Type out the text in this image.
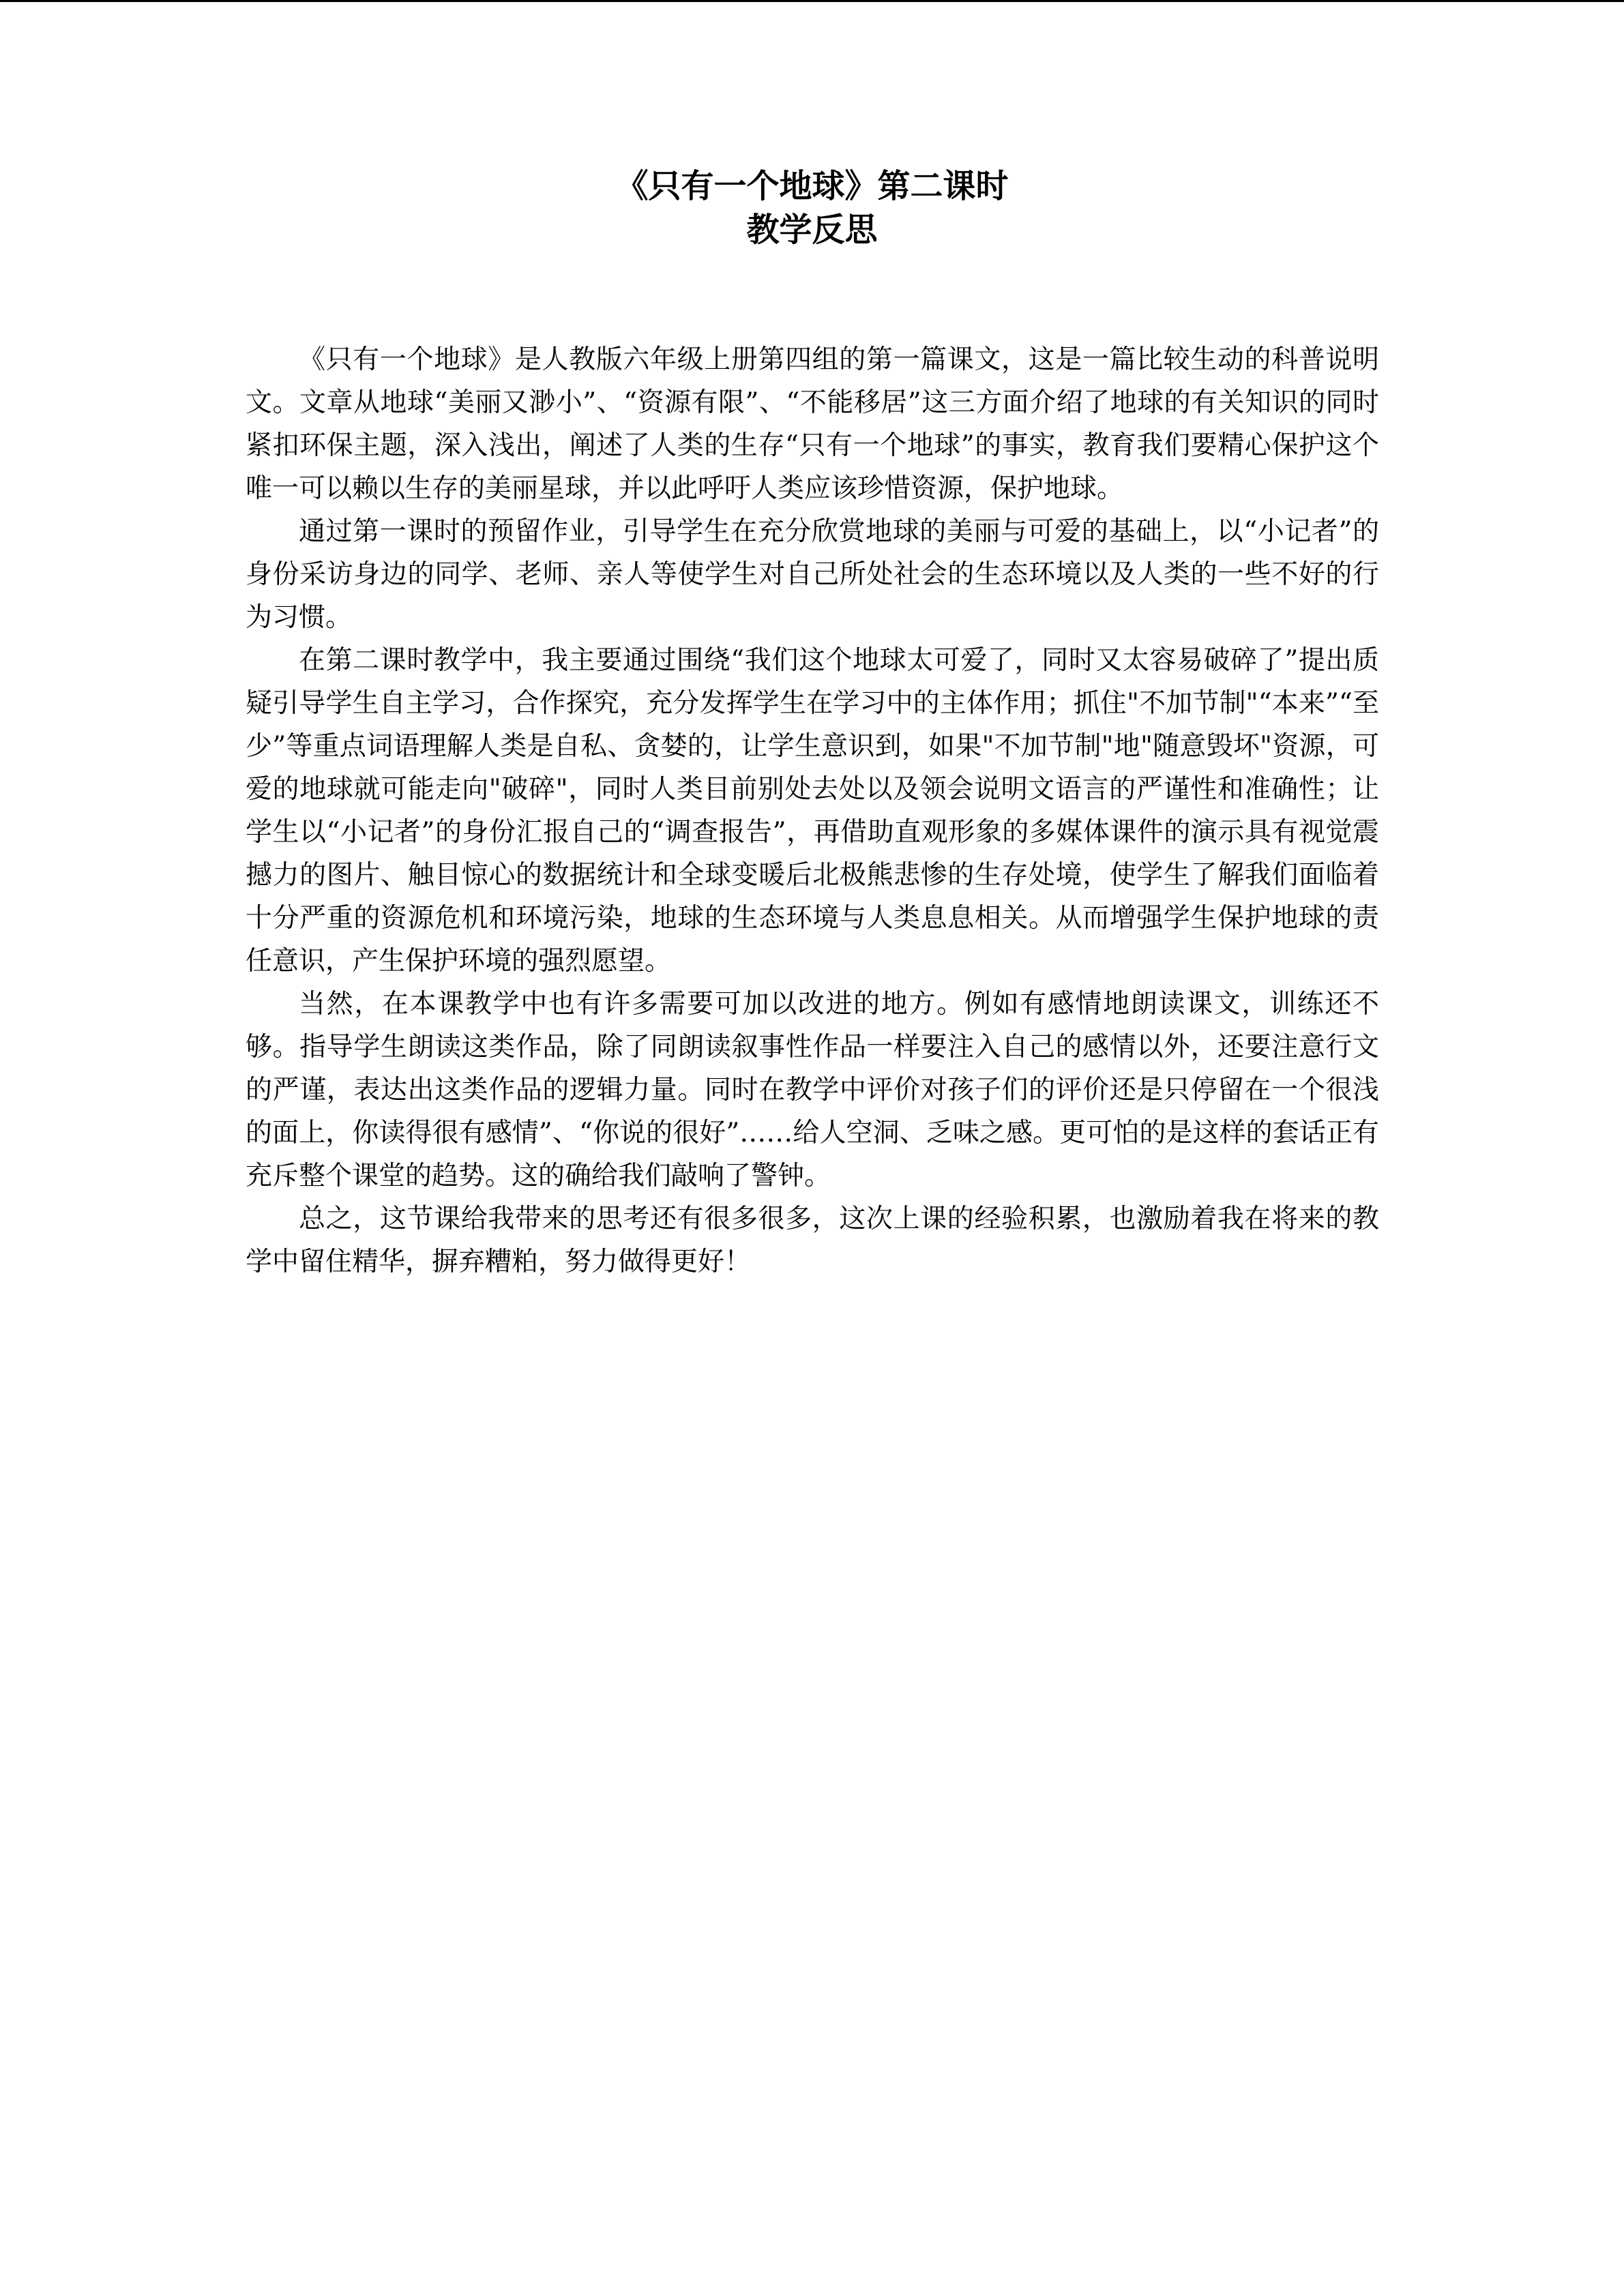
《只有一个地球》第二课时
教学反思

《只有一个地球》是人教版六年级上册第四组的第一篇课文，这是一篇比较生动的科普说明文。文章从地球“美丽又渺小”、“资源有限”、“不能移居”这三方面介绍了地球的有关知识的同时紧扣环保主题，深入浅出，阐述了人类的生存“只有一个地球”的事实，教育我们要精心保护这个唯一可以赖以生存的美丽星球，并以此呼吁人类应该珍惜资源，保护地球。

通过第一课时的预留作业，引导学生在充分欣赏地球的美丽与可爱的基础上，以“小记者”的身份采访身边的同学、老师、亲人等使学生对自己所处社会的生态环境以及人类的一些不好的行为习惯。

在第二课时教学中，我主要通过围绕“我们这个地球太可爱了，同时又太容易破碎了”提出质疑引导学生自主学习，合作探究，充分发挥学生在学习中的主体作用；抓住"不加节制"“本来”“至少”等重点词语理解人类是自私、贪婪的，让学生意识到，如果"不加节制"地"随意毁坏"资源，可爱的地球就可能走向"破碎"，同时人类目前别处去处以及领会说明文语言的严谨性和准确性；让学生以“小记者”的身份汇报自己的“调查报告”，再借助直观形象的多媒体课件的演示具有视觉震撼力的图片、触目惊心的数据统计和全球变暖后北极熊悲惨的生存处境，使学生了解我们面临着十分严重的资源危机和环境污染，地球的生态环境与人类息息相关。从而增强学生保护地球的责任意识，产生保护环境的强烈愿望。

当然，在本课教学中也有许多需要可加以改进的地方。例如有感情地朗读课文，训练还不够。指导学生朗读这类作品，除了同朗读叙事性作品一样要注入自己的感情以外，还要注意行文的严谨，表达出这类作品的逻辑力量。同时在教学中评价对孩子们的评价还是只停留在一个很浅的面上，你读得很有感情”、“你说的很好”……给人空洞、乏味之感。更可怕的是这样的套话正有充斥整个课堂的趋势。这的确给我们敲响了警钟。

总之，这节课给我带来的思考还有很多很多，这次上课的经验积累，也激励着我在将来的教学中留住精华，摒弃糟粕，努力做得更好！
